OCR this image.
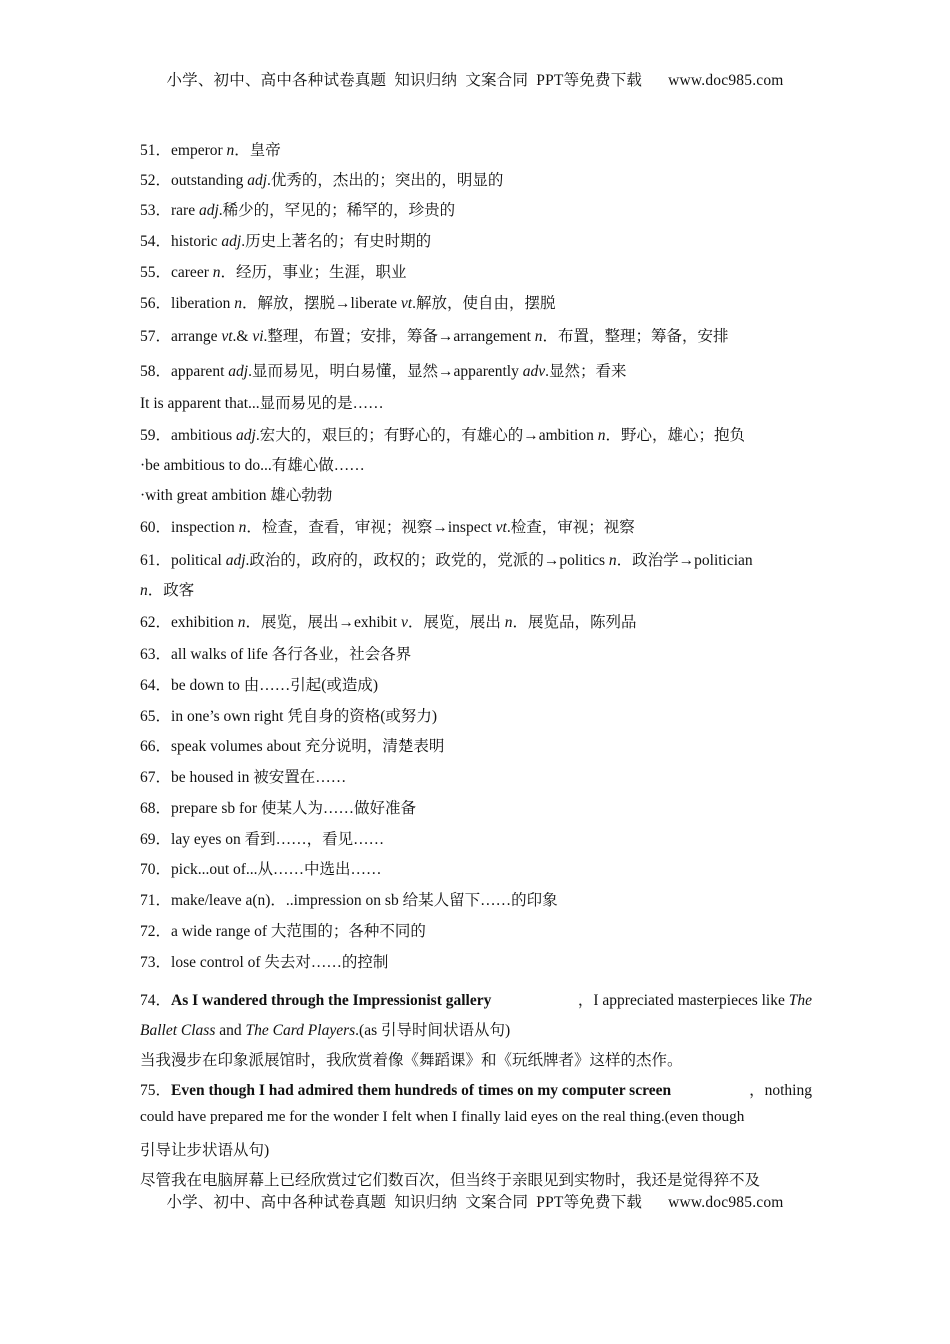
小学、初中、高中各种试卷真题  知识归纳  文案合同  PPT等免费下载 www.doc985.com
51．emperor n．皇帝
52．outstanding adj.优秀的，杰出的；突出的，明显的
53．rare adj.稀少的，罕见的；稀罕的，珍贵的
54．historic adj.历史上著名的；有史时期的
55．career n．经历，事业；生涯，职业
56．liberation n．解放，摆脱→liberate vt.解放，使自由，摆脱
57．arrange vt.& vi.整理，布置；安排，筹备→arrangement n．布置，整理；筹备，安排
58．apparent adj.显而易见，明白易懂，显然→apparently adv.显然；看来
It is apparent that...显而易见的是……
59．ambitious adj.宏大的，艰巨的；有野心的，有雄心的→ambition n．野心，雄心；抱负
·be ambitious to do...有雄心做……
·with great ambition 雄心勃勃
60．inspection n．检查，查看，审视；视察→inspect vt.检查，审视；视察
61．political adj.政治的，政府的，政权的；政党的，党派的→politics n．政治学→politician
n．政客
62．exhibition n．展览，展出→exhibit v．展览，展出 n．展览品，陈列品
63．all walks of life 各行各业，社会各界
64．be down to 由……引起(或造成)
65．in one’s own right 凭自身的资格(或努力)
66．speak volumes about 充分说明，清楚表明
67．be housed in 被安置在……
68．prepare sb for 使某人为……做好准备
69．lay eyes on 看到……，看见……
70．pick...out of...从……中选出……
71．make/leave a(n)．..impression on sb 给某人留下……的印象
72．a wide range of 大范围的；各种不同的
73．lose control of 失去对……的控制
74．As I wandered through the Impressionist gallery	，I appreciated masterpieces like The
Ballet Class and The Card Players.(as 引导时间状语从句)
当我漫步在印象派展馆时，我欣赏着像《舞蹈课》和《玩纸牌者》这样的杰作。
75．Even though I had admired them hundreds of times on my computer screen	，nothing
could have prepared me for the wonder I felt when I finally laid eyes on the real thing.(even though
引导让步状语从句)
尽管我在电脑屏幕上已经欣赏过它们数百次，但当终于亲眼见到实物时，我还是觉得猝不及
小学、初中、高中各种试卷真题  知识归纳  文案合同  PPT等免费下载 www.doc985.com
